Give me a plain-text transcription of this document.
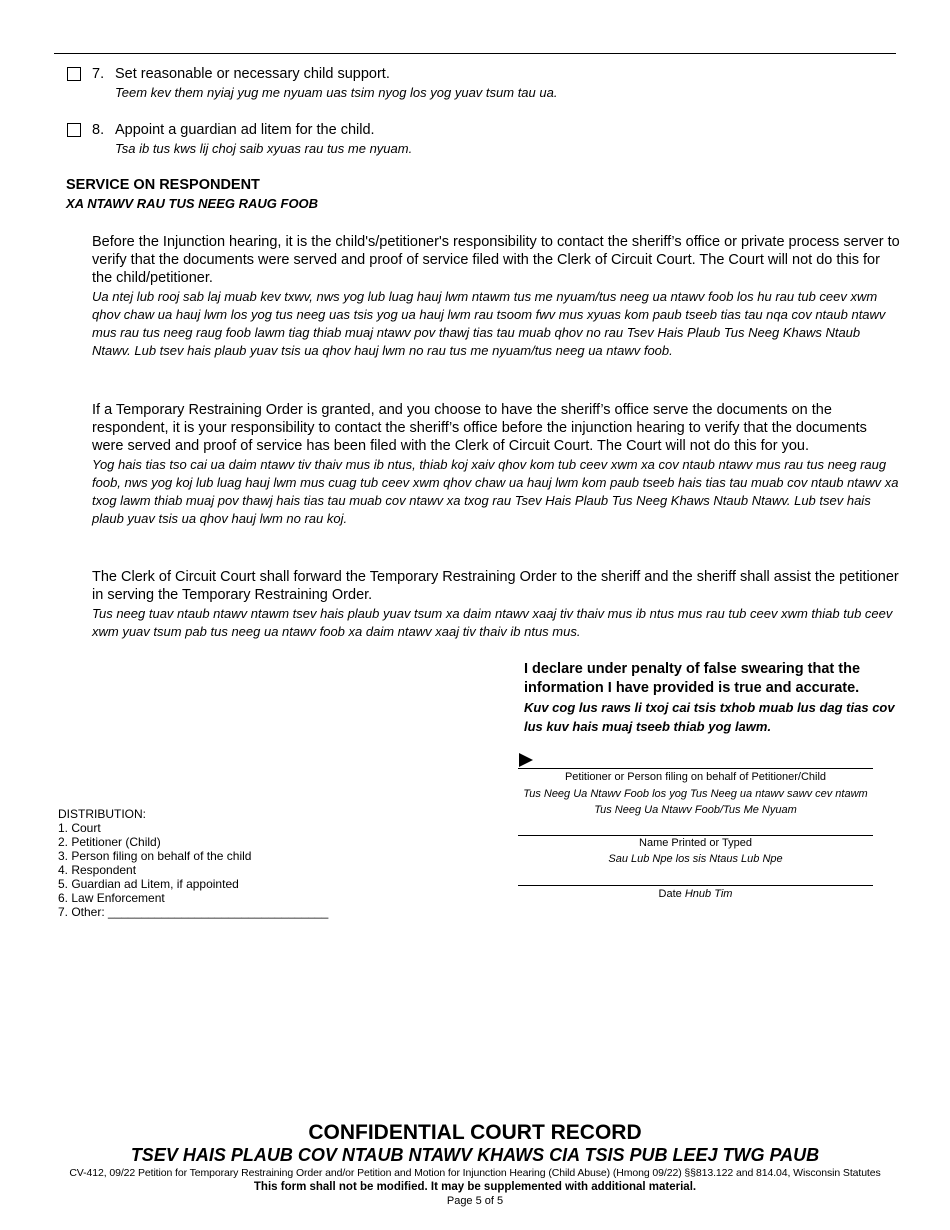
7. Set reasonable or necessary child support.
Teem kev them nyiaj yug me nyuam uas tsim nyog los yog yuav tsum tau ua.
8. Appoint a guardian ad litem for the child.
Tsa ib tus kws lij choj saib xyuas rau tus me nyuam.
SERVICE ON RESPONDENT
XA NTAWV RAU TUS NEEG RAUG FOOB
Before the Injunction hearing, it is the child's/petitioner's responsibility to contact the sheriff’s office or private process server to verify that the documents were served and proof of service filed with the Clerk of Circuit Court. The Court will not do this for the child/petitioner.
Ua ntej lub rooj sab laj muab kev txwv, nws yog lub luag hauj lwm ntawm tus me nyuam/tus neeg ua ntawv foob los hu rau tub ceev xwm qhov chaw ua hauj lwm los yog tus neeg uas tsis yog ua hauj lwm rau tsoom fwv mus xyuas kom paub tseeb tias tau nqa cov ntaub ntawv mus rau tus neeg raug foob lawm tiag thiab muaj ntawv pov thawj tias tau muab qhov no rau Tsev Hais Plaub Tus Neeg Khaws Ntaub Ntawv. Lub tsev hais plaub yuav tsis ua qhov hauj lwm no rau tus me nyuam/tus neeg ua ntawv foob.
If a Temporary Restraining Order is granted, and you choose to have the sheriff’s office serve the documents on the respondent, it is your responsibility to contact the sheriff’s office before the injunction hearing to verify that the documents were served and proof of service has been filed with the Clerk of Circuit Court. The Court will not do this for you.
Yog hais tias tso cai ua daim ntawv tiv thaiv mus ib ntus, thiab koj xaiv qhov kom tub ceev xwm xa cov ntaub ntawv mus rau tus neeg raug foob, nws yog koj lub luag hauj lwm mus cuag tub ceev xwm qhov chaw ua hauj lwm kom paub tseeb hais tias tau muab cov ntaub ntawv xa txog lawm thiab muaj pov thawj hais tias tau muab cov ntawv xa txog rau Tsev Hais Plaub Tus Neeg Khaws Ntaub Ntawv. Lub tsev hais plaub yuav tsis ua qhov hauj lwm no rau koj.
The Clerk of Circuit Court shall forward the Temporary Restraining Order to the sheriff and the sheriff shall assist the petitioner in serving the Temporary Restraining Order.
Tus neeg tuav ntaub ntawv ntawm tsev hais plaub yuav tsum xa daim ntawv xaaj tiv thaiv mus ib ntus mus rau tub ceev xwm thiab tub ceev xwm yuav tsum pab tus neeg ua ntawv foob xa daim ntawv xaaj tiv thaiv ib ntus mus.
I declare under penalty of false swearing that the information I have provided is true and accurate.
Kuv cog lus raws li txoj cai tsis txhob muab lus dag tias cov lus kuv hais muaj tseeb thiab yog lawm.
Petitioner or Person filing on behalf of Petitioner/Child
Tus Neeg Ua Ntawv Foob los yog Tus Neeg ua ntawv sawv cev ntawm Tus Neeg Ua Ntawv Foob/Tus Me Nyuam
Name Printed or Typed
Sau Lub Npe los sis Ntaus Lub Npe
Date Hnub Tim
DISTRIBUTION:
1. Court
2. Petitioner (Child)
3. Person filing on behalf of the child
4. Respondent
5. Guardian ad Litem, if appointed
6. Law Enforcement
7. Other: _________________________________
CONFIDENTIAL COURT RECORD
TSEV HAIS PLAUB COV NTAUB NTAWV KHAWS CIA TSIS PUB LEEJ TWG PAUB
CV-412, 09/22 Petition for Temporary Restraining Order and/or Petition and Motion for Injunction Hearing (Child Abuse) (Hmong 09/22) §§813.122 and 814.04, Wisconsin Statutes
This form shall not be modified. It may be supplemented with additional material.
Page 5 of 5
